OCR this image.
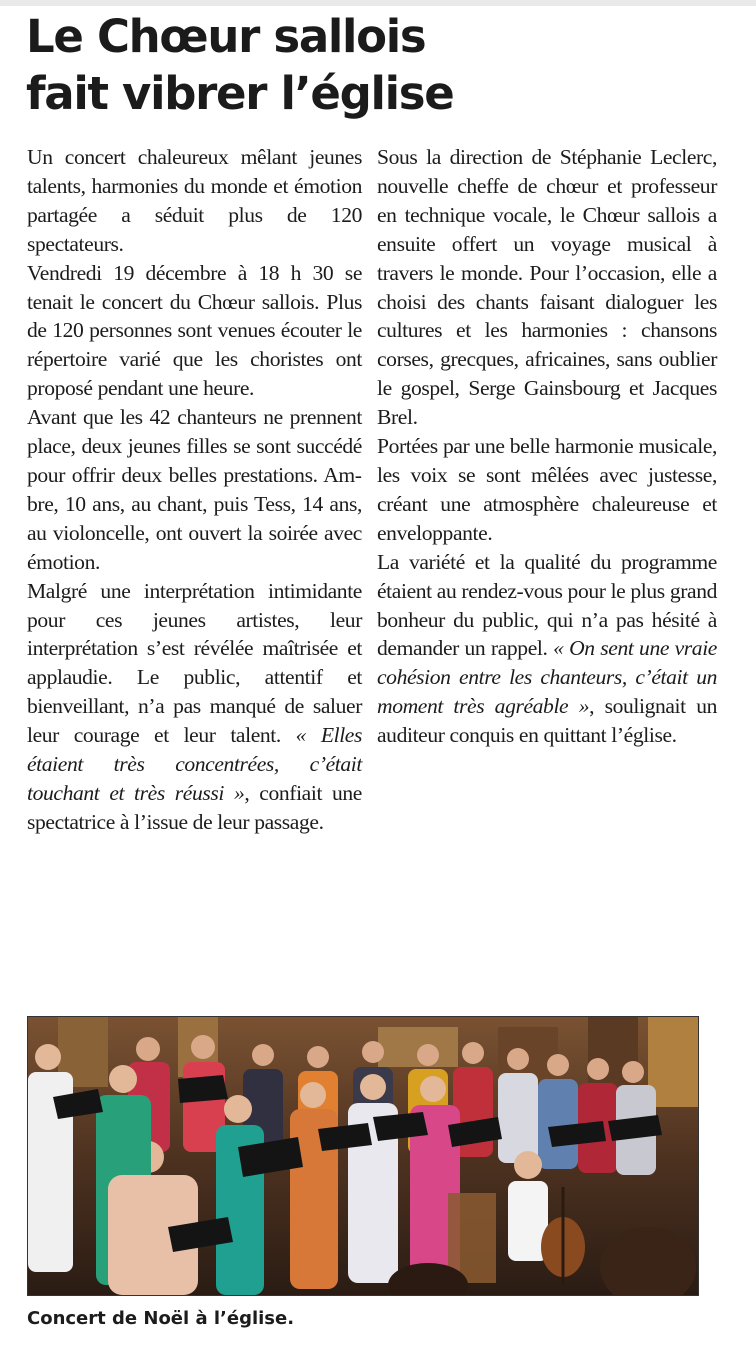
Le Chœur sallois
fait vibrer l’église

Un concert chaleureux mêlant jeunes talents, harmonies du monde et émotion partagée a séduit plus de 120 spectateurs.

Vendredi 19 décembre à 18 h 30 se tenait le concert du Chœur sallois. Plus de 120 personnes sont venues écouter le répertoire varié que les choristes ont proposé pendant une heure.

Avant que les 42 chanteurs ne prennent place, deux jeunes filles se sont succédé pour offrir deux belles prestations. Ambre, 10 ans, au chant, puis Tess, 14 ans, au violoncelle, ont ouvert la soirée avec émotion.

Malgré une interprétation intimidante pour ces jeunes artistes, leur interprétation s’est révélée maîtrisée et applaudie. Le public, attentif et bienveillant, n’a pas manqué de saluer leur courage et leur talent. « Elles étaient très concentrées, c’était touchant et très réussi », confiait une spectatrice à l’issue de leur passage.

Sous la direction de Stéphanie Leclerc, nouvelle cheffe de chœur et professeur en technique vocale, le Chœur sallois a ensuite offert un voyage musical à travers le monde. Pour l’occasion, elle a choisi des chants faisant dialoguer les cultures et les harmonies : chansons corses, grecques, africaines, sans oublier le gospel, Serge Gainsbourg et Jacques Brel.

Portées par une belle harmonie musicale, les voix se sont mêlées avec justesse, créant une atmosphère chaleureuse et enveloppante.

La variété et la qualité du programme étaient au rendez-vous pour le plus grand bonheur du public, qui n’a pas hésité à demander un rappel. « On sent une vraie cohésion entre les chanteurs, c’était un moment très agréable », soulignait un auditeur conquis en quittant l’église.

Concert de Noël à l’église.
